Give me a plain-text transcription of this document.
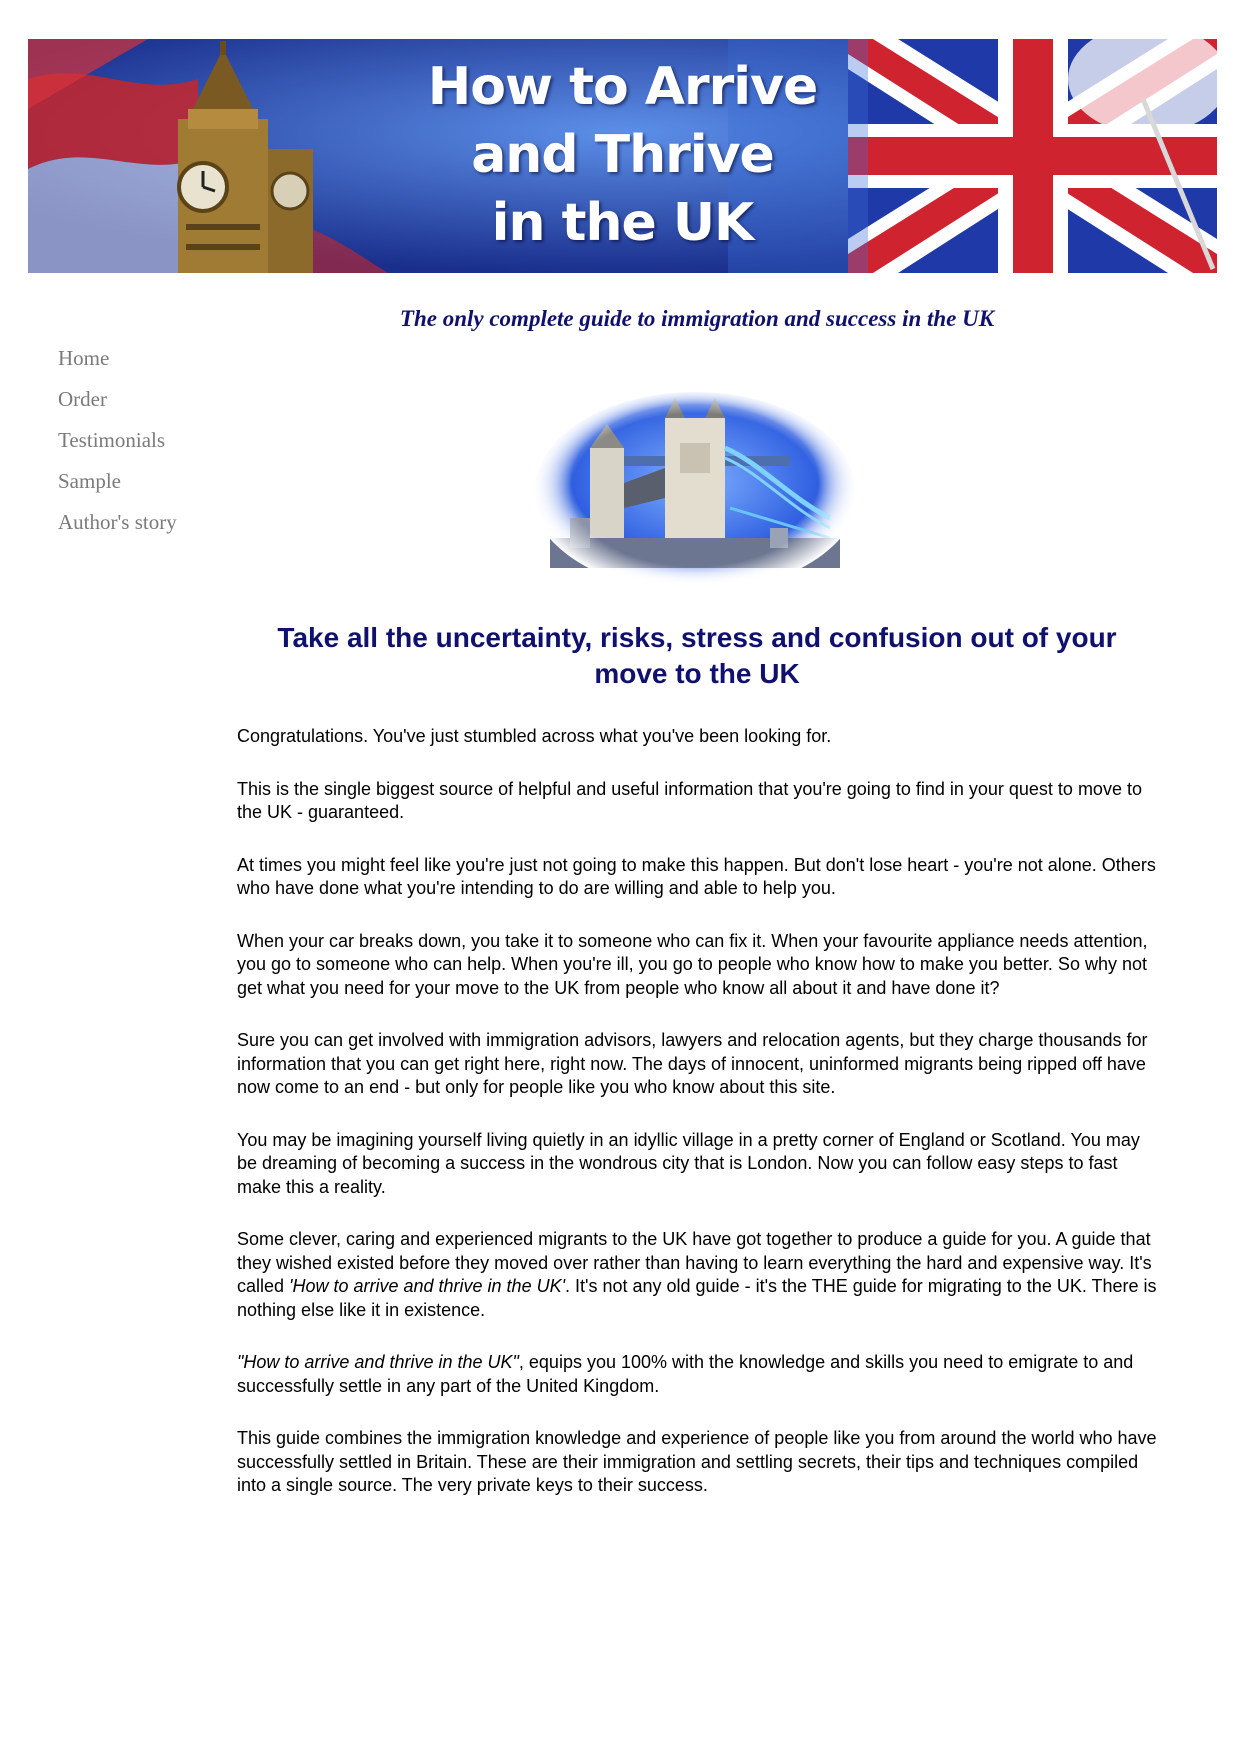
How to Arrive
and Thrive
in the UK

The only complete guide to immigration and success in the UK

Home
Order
Testimonials
Sample
Author's story
Take all the uncertainty, risks, stress and confusion out of your move to the UK

Congratulations. You've just stumbled across what you've been looking for.

This is the single biggest source of helpful and useful information that you're going to find in your quest to move to the UK - guaranteed.

At times you might feel like you're just not going to make this happen. But don't lose heart - you're not alone. Others who have done what you're intending to do are willing and able to help you.

When your car breaks down, you take it to someone who can fix it. When your favourite appliance needs attention, you go to someone who can help. When you're ill, you go to people who know how to make you better. So why not get what you need for your move to the UK from people who know all about it and have done it?

Sure you can get involved with immigration advisors, lawyers and relocation agents, but they charge thousands for information that you can get right here, right now. The days of innocent, uninformed migrants being ripped off have now come to an end - but only for people like you who know about this site.

You may be imagining yourself living quietly in an idyllic village in a pretty corner of England or Scotland. You may be dreaming of becoming a success in the wondrous city that is London. Now you can follow easy steps to fast make this a reality.

Some clever, caring and experienced migrants to the UK have got together to produce a guide for you. A guide that they wished existed before they moved over rather than having to learn everything the hard and expensive way. It's called 'How to arrive and thrive in the UK'. It's not any old guide - it's the THE guide for migrating to the UK. There is nothing else like it in existence.

"How to arrive and thrive in the UK", equips you 100% with the knowledge and skills you need to emigrate to and successfully settle in any part of the United Kingdom.

This guide combines the immigration knowledge and experience of people like you from around the world who have successfully settled in Britain. These are their immigration and settling secrets, their tips and techniques compiled into a single source. The very private keys to their success.
